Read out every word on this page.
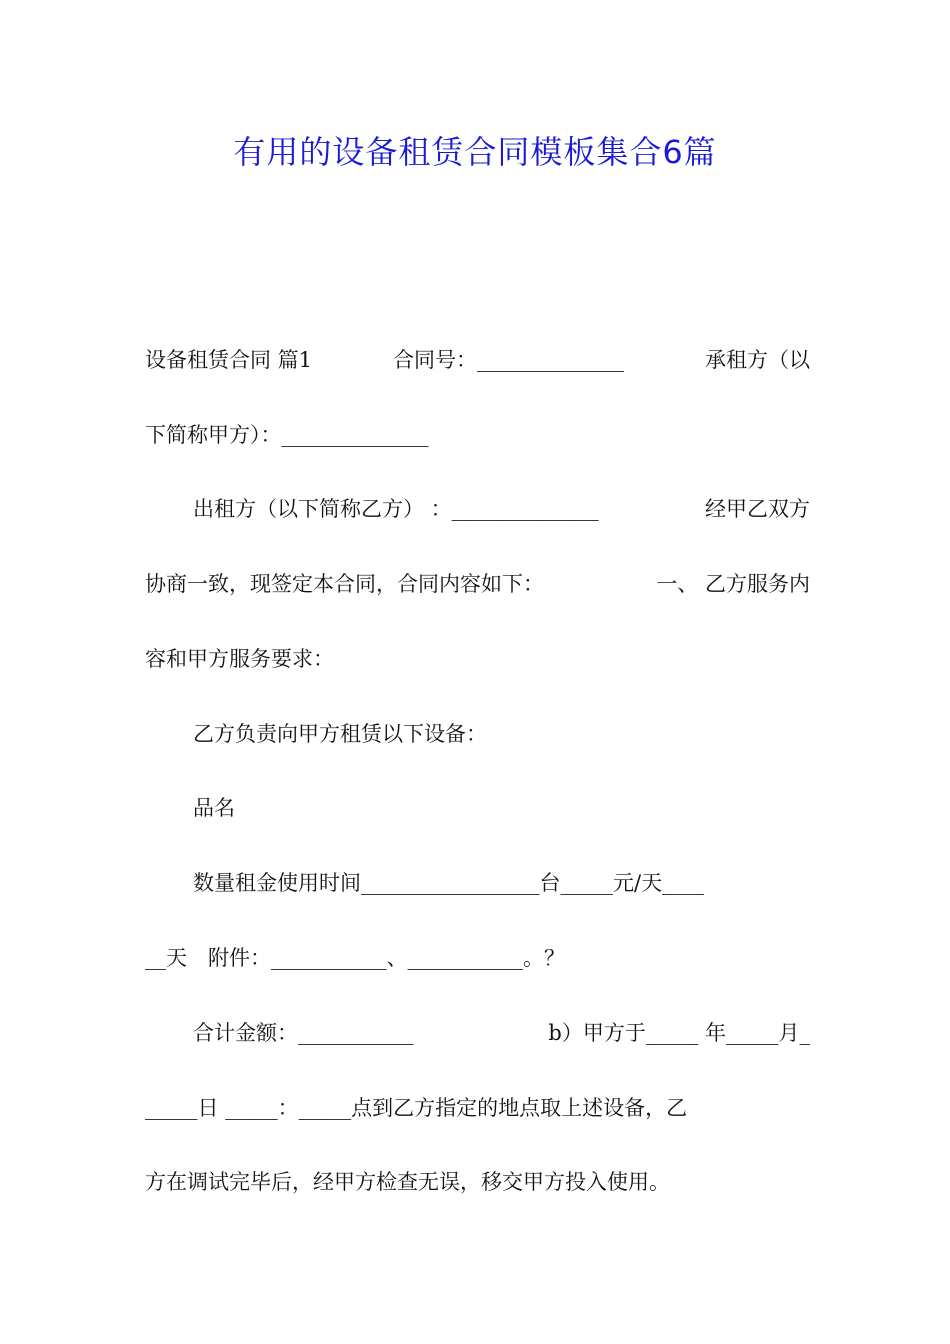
有用的设备租赁合同模板集合6篇
设备租赁合同 篇1	合同号：______________	承租方（以
下简称甲方）：______________
出租方（以下简称乙方） ：______________	经甲乙双方
协商一致，现签定本合同，合同内容如下：	一、 乙方服务内
容和甲方服务要求：
乙方负责向甲方租赁以下设备：
品名
数量租金使用时间_________________台_____元/天____
__天　附件：___________、___________。？
合计金额：___________	b）甲方于_____ 年_____月_
_____日 _____：_____点到乙方指定的地点取上述设备，乙
方在调试完毕后，经甲方检查无误，移交甲方投入使用。
